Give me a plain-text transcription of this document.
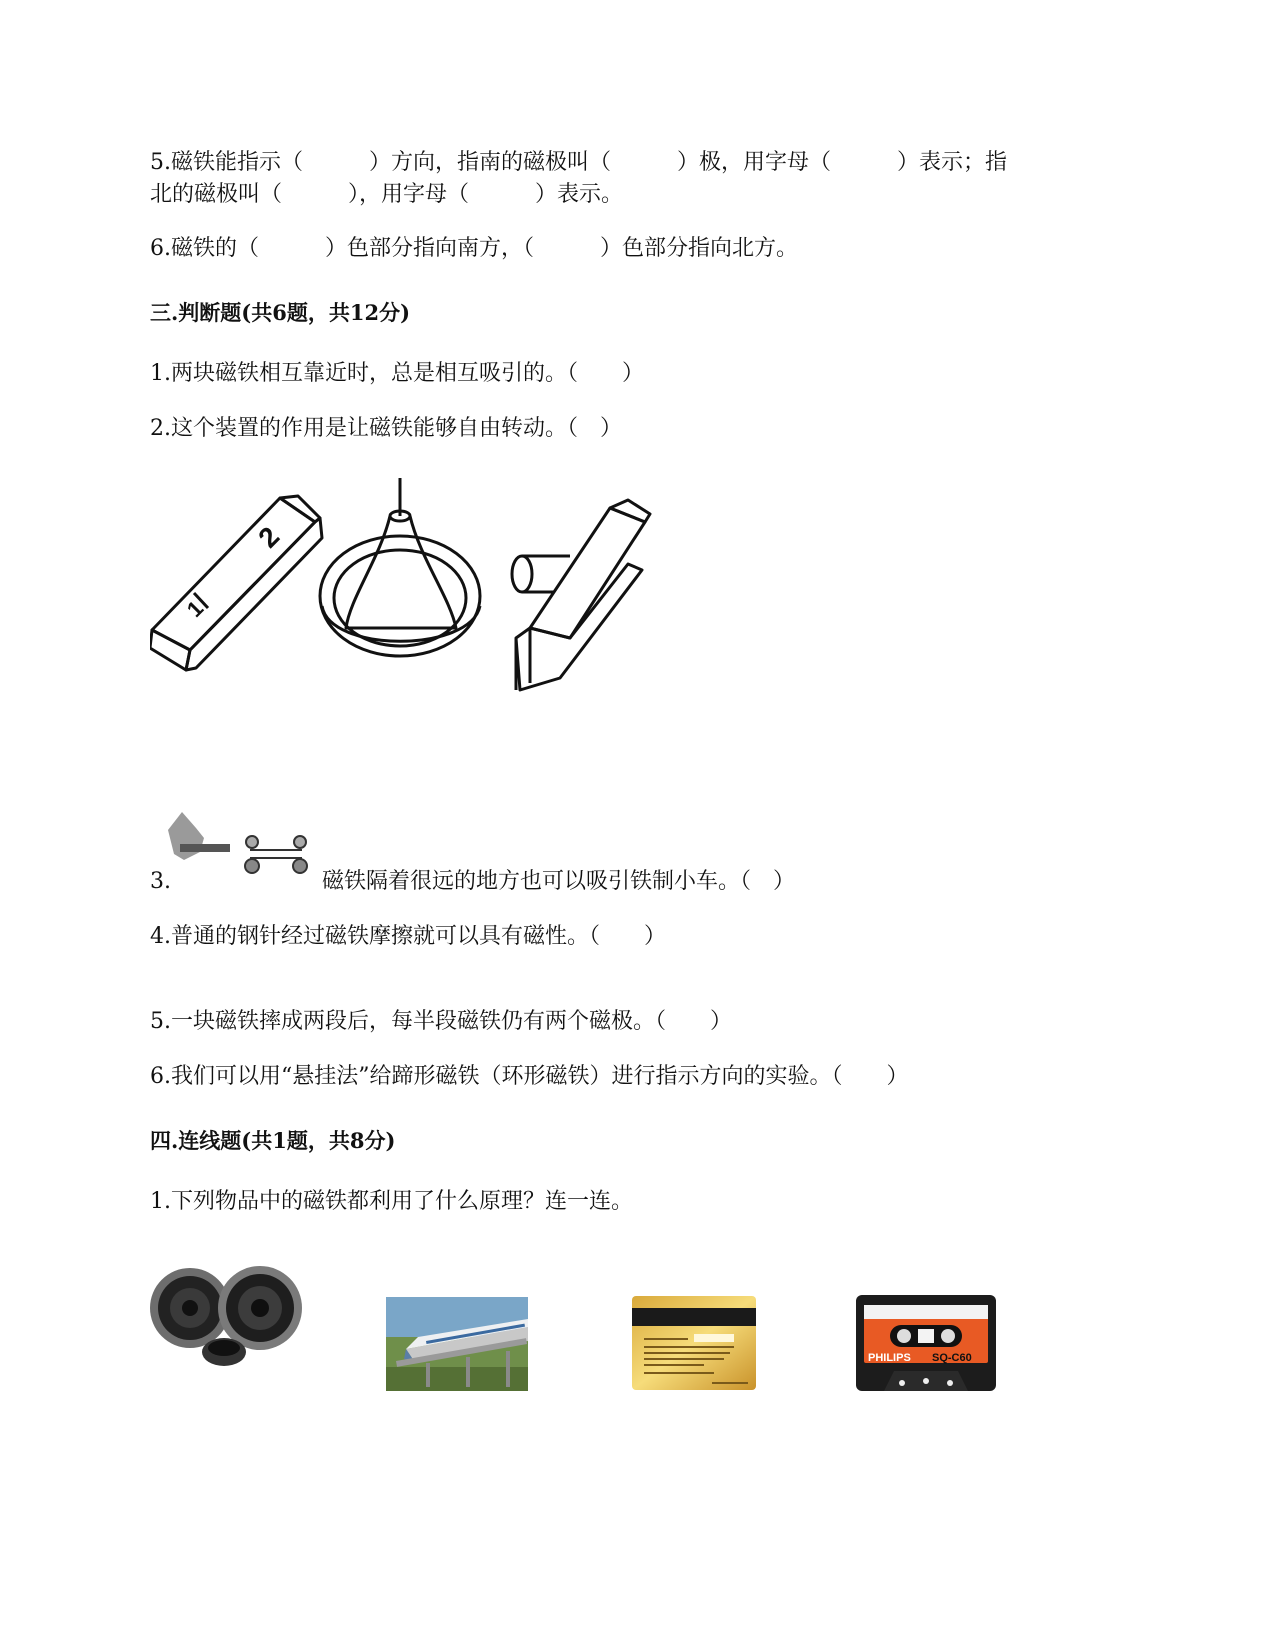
5.磁铁能指示（　　　）方向，指南的磁极叫（　　　）极，用字母（　　　）表示；指
北的磁极叫（　　　），用字母（　　　）表示。
6.磁铁的（　　　）色部分指向南方，（　　　）色部分指向北方。
三.判断题(共6题，共12分)
1.两块磁铁相互靠近时，总是相互吸引的。（　　）
2.这个装置的作用是让磁铁能够自由转动。（　）
2
1
3.	磁铁隔着很远的地方也可以吸引铁制小车。（　）
4.普通的钢针经过磁铁摩擦就可以具有磁性。（　　）
5.一块磁铁摔成两段后，每半段磁铁仍有两个磁极。（　　）
6.我们可以用“悬挂法”给蹄形磁铁（环形磁铁）进行指示方向的实验。（　　）
四.连线题(共1题，共8分)
1.下列物品中的磁铁都利用了什么原理？连一连。
PHILIPS SQ-C60
